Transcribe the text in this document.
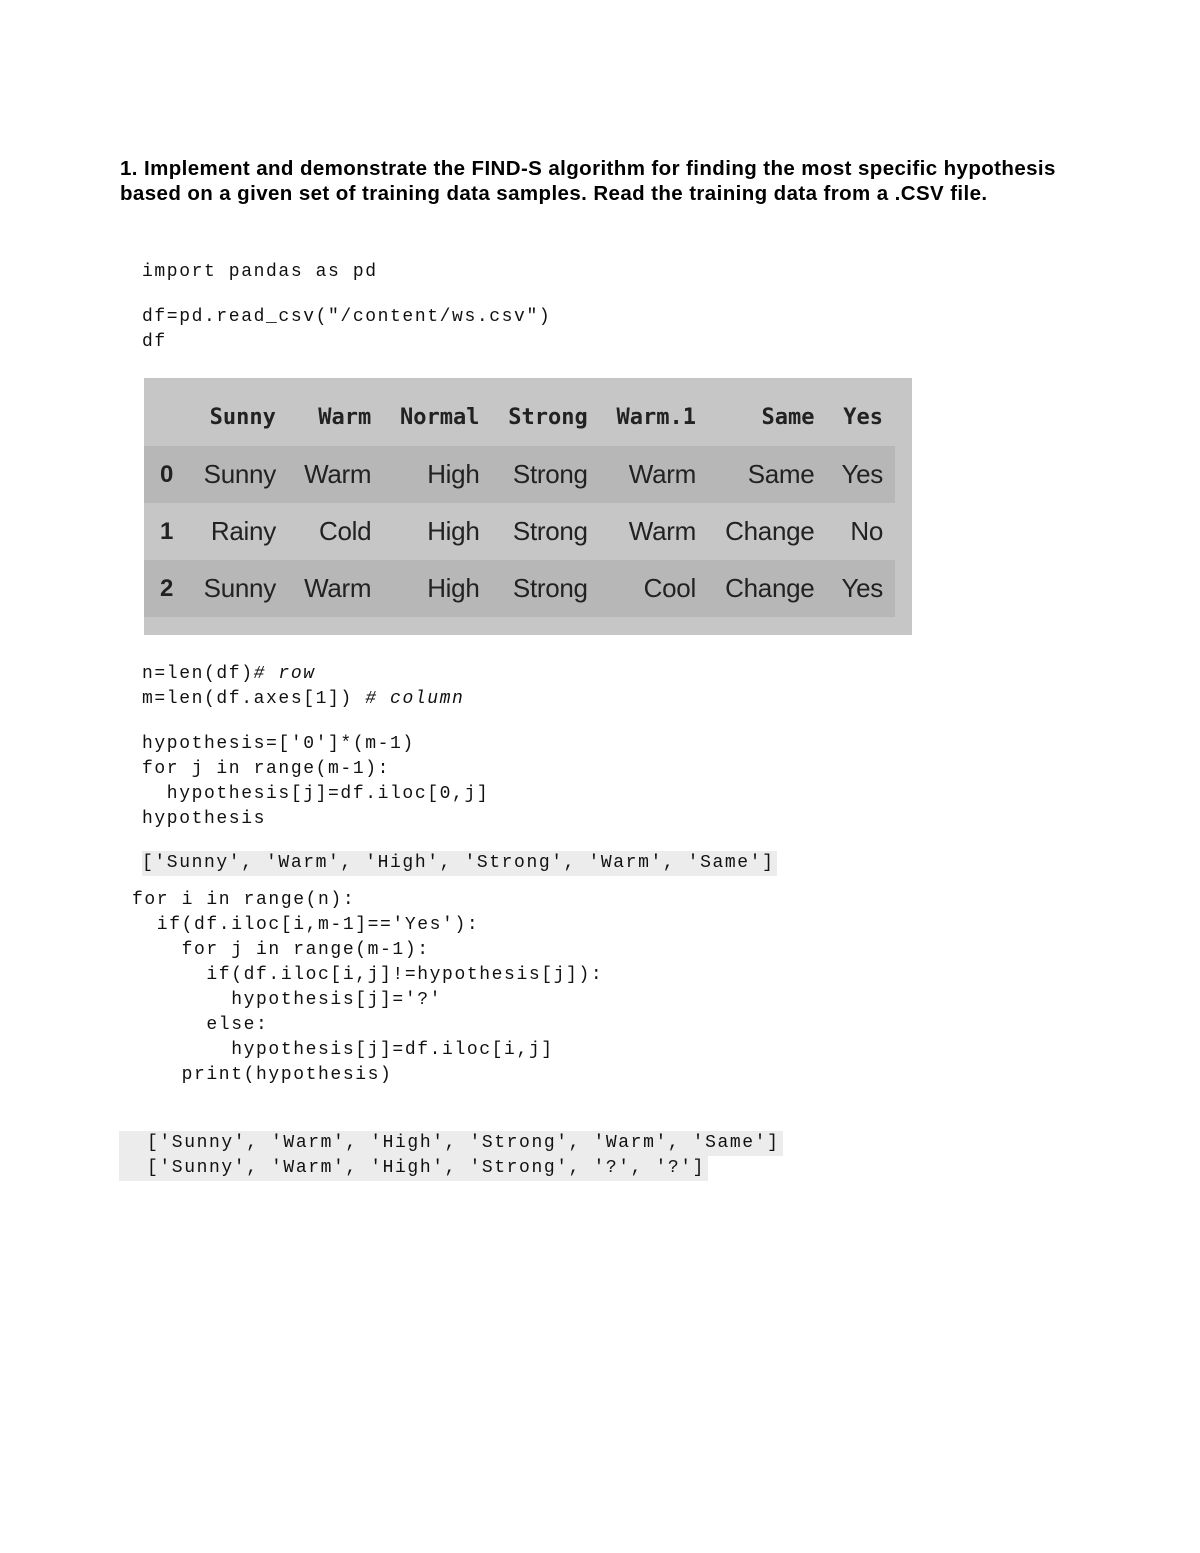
1. Implement and demonstrate the FIND-S algorithm for finding the most specific hypothesis based on a given set of training data samples. Read the training data from a .CSV file.

import pandas as pd
df=pd.read_csv("/content/ws.csv")
df
	Sunny	Warm	Normal	Strong	Warm.1	Same	Yes
0	Sunny	Warm	High	Strong	Warm	Same	Yes
1	Rainy	Cold	High	Strong	Warm	Change	No
2	Sunny	Warm	High	Strong	Cool	Change	Yes
n=len(df)# row
m=len(df.axes[1]) # column
hypothesis=['0']*(m-1)
for j in range(m-1):
hypothesis[j]=df.iloc[0,j]
hypothesis
['Sunny', 'Warm', 'High', 'Strong', 'Warm', 'Same']
for i in range(n):
if(df.iloc[i,m-1]=='Yes'):
for j in range(m-1):
if(df.iloc[i,j]!=hypothesis[j]):
hypothesis[j]='?'
else:
hypothesis[j]=df.iloc[i,j]
print(hypothesis)
['Sunny', 'Warm', 'High', 'Strong', 'Warm', 'Same']
['Sunny', 'Warm', 'High', 'Strong', '?', '?']
